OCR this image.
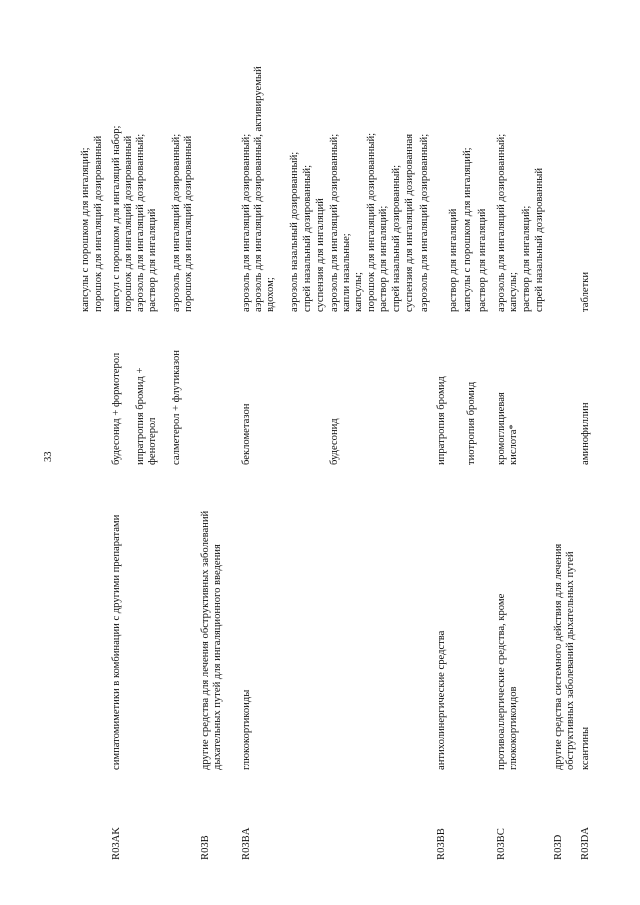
33
R03AK
симпатомиметики в комбинации с другими препаратами
капсулы с порошком для ингаляций; порошок для ингаляций дозированный
будесонид + формотерол
капсул с порошком для ингаляций набор; порошок для ингаляций дозированный
ипратропия бромид + фенотерол
аэрозоль для ингаляций дозированный; раствор для ингаляций
салметерол + флутиказон
аэрозоль для ингаляций дозированный; порошок для ингаляций дозированный
R03B
другие средства для лечения обструктивных заболеваний дыхательных путей для ингаляционного введения
R03BA
глюкокортикоиды
беклометазон
аэрозоль для ингаляций дозированный; аэрозоль для ингаляций дозированный, активируемый вдохом; аэрозоль назальный дозированный; спрей назальный дозированный; суспензия для ингаляций
будесонид
аэрозоль для ингаляций дозированный; капли назальные; капсулы; порошок для ингаляций дозированный; раствор для ингаляций; спрей назальный дозированный; суспензия для ингаляций дозированная
R03BB
антихолинергические средства
ипратропия бромид
аэрозоль для ингаляций дозированный; раствор для ингаляций
тиотропия бромид
капсулы с порошком для ингаляций; раствор для ингаляций
R03BC
противоаллергические средства, кроме глюкокортикоидов
кромоглициевая кислота*
аэрозоль для ингаляций дозированный; капсулы; раствор для ингаляций; спрей назальный дозированный
R03D
другие средства системного действия для лечения обструктивных заболеваний дыхательных путей
R03DA
ксантины
аминофиллин
таблетки
